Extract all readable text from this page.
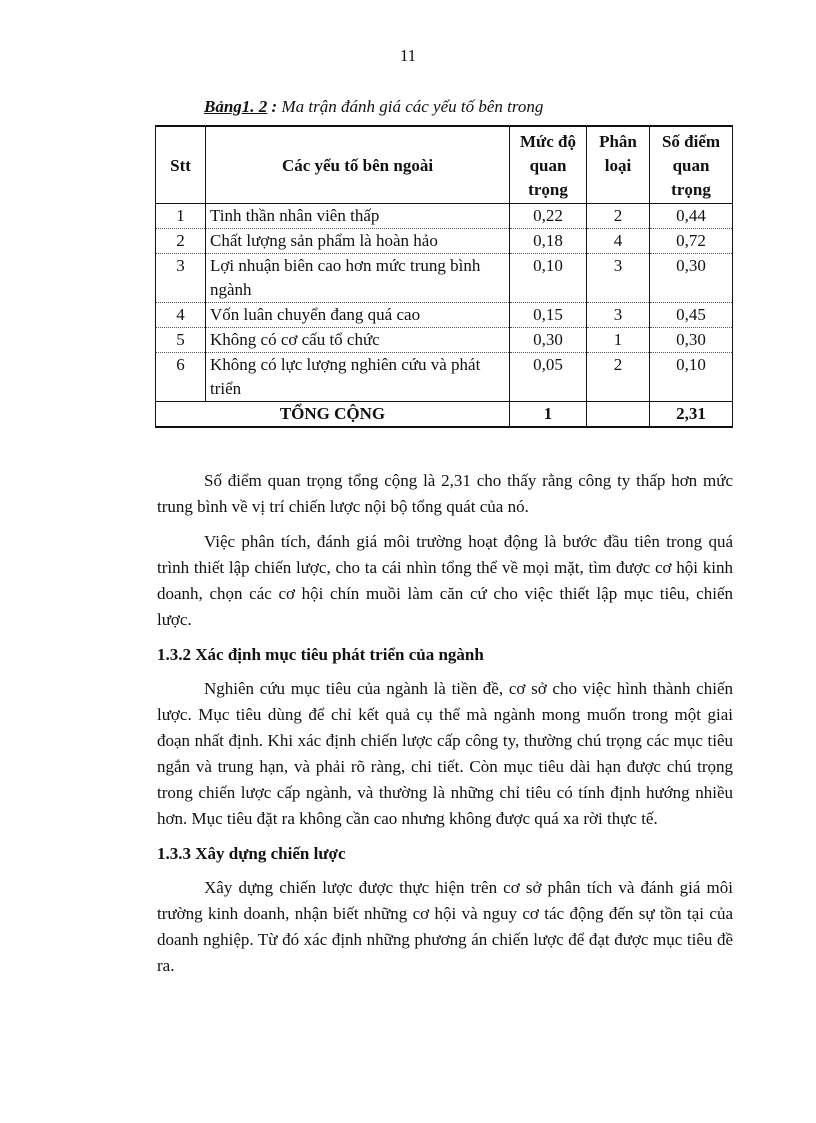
11
Bảng1. 2 : Ma trận đánh giá các yếu tố bên trong
Stt	Các yếu tố bên ngoài	Mức độ quan trọng	Phân loại	Số điểm quan trọng
1	Tinh thần nhân viên thấp	0,22	2	0,44
2	Chất lượng sản phẩm là hoàn hảo	0,18	4	0,72
3	Lợi nhuận biên cao hơn mức trung bình ngành	0,10	3	0,30
4	Vốn luân chuyển đang quá cao	0,15	3	0,45
5	Không có cơ cấu tổ chức	0,30	1	0,30
6	Không có lực lượng nghiên cứu và phát triển	0,05	2	0,10
TỔNG CỘNG		1		2,31

Số điểm quan trọng tổng cộng là 2,31 cho thấy rằng công ty thấp hơn mức trung bình về vị trí chiến lược nội bộ tổng quát của nó.

Việc phân tích, đánh giá môi trường hoạt động là bước đầu tiên trong quá trình thiết lập chiến lược, cho ta cái nhìn tổng thể về mọi mặt, tìm được cơ hội kinh doanh, chọn các cơ hội chín muồi làm căn cứ cho việc thiết lập mục tiêu, chiến lược.

1.3.2 Xác định mục tiêu phát triển của ngành

Nghiên cứu mục tiêu của ngành là tiền đề, cơ sở cho việc hình thành chiến lược. Mục tiêu dùng để chỉ kết quả cụ thể mà ngành mong muốn trong một giai đoạn nhất định. Khi xác định chiến lược cấp công ty, thường chú trọng các mục tiêu ngắn và trung hạn, và phải rõ ràng, chi tiết. Còn mục tiêu dài hạn được chú trọng trong chiến lược cấp ngành, và thường là những chỉ tiêu có tính định hướng nhiều hơn. Mục tiêu đặt ra không cần cao nhưng không được quá xa rời thực tế.

1.3.3 Xây dựng chiến lược

Xây dựng chiến lược được thực hiện trên cơ sở phân tích và đánh giá môi trường kinh doanh, nhận biết những cơ hội và nguy cơ tác động đến sự tồn tại của doanh nghiệp. Từ đó xác định những phương án chiến lược để đạt được mục tiêu đề ra.
